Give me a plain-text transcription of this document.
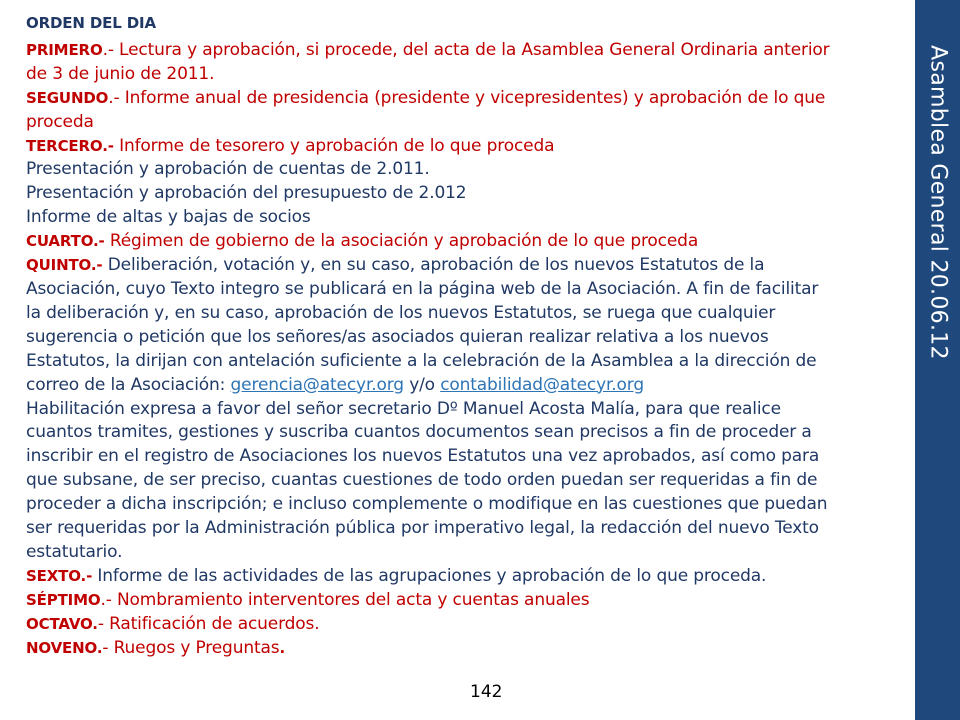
ORDEN DEL DIA
PRIMERO.- Lectura y aprobación, si procede, del acta de la Asamblea General Ordinaria anterior
de 3 de junio de 2011.
SEGUNDO.- Informe anual de presidencia (presidente y vicepresidentes) y aprobación de lo que
proceda
TERCERO.- Informe de tesorero y aprobación de lo que proceda
Presentación y aprobación de cuentas de 2.011.
Presentación y aprobación del presupuesto de 2.012
Informe de altas y bajas de socios
CUARTO.- Régimen de gobierno de la asociación y aprobación de lo que proceda
QUINTO.- Deliberación, votación y, en su caso, aprobación de los nuevos Estatutos de la
Asociación, cuyo Texto integro se publicará en la página web de la Asociación. A fin de facilitar
la deliberación y, en su caso, aprobación de los nuevos Estatutos, se ruega que cualquier
sugerencia o petición que los señores/as asociados quieran realizar relativa a los nuevos
Estatutos, la dirijan con antelación suficiente a la celebración de la Asamblea a la dirección de
correo de la Asociación: gerencia@atecyr.org y/o contabilidad@atecyr.org
Habilitación expresa a favor del señor secretario Dº Manuel Acosta Malía, para que realice
cuantos tramites, gestiones y suscriba cuantos documentos sean precisos a fin de proceder a
inscribir en el registro de Asociaciones los nuevos Estatutos una vez aprobados, así como para
que subsane, de ser preciso, cuantas cuestiones de todo orden puedan ser requeridas a fin de
proceder a dicha inscripción; e incluso complemente o modifique en las cuestiones que puedan
ser requeridas por la Administración pública por imperativo legal, la redacción del nuevo Texto
estatutario.
SEXTO.- Informe de las actividades de las agrupaciones y aprobación de lo que proceda.
SÉPTIMO.- Nombramiento interventores del acta y cuentas anuales
OCTAVO.- Ratificación de acuerdos.
NOVENO.- Ruegos y Preguntas.
142
Asamblea General 20.06.12
